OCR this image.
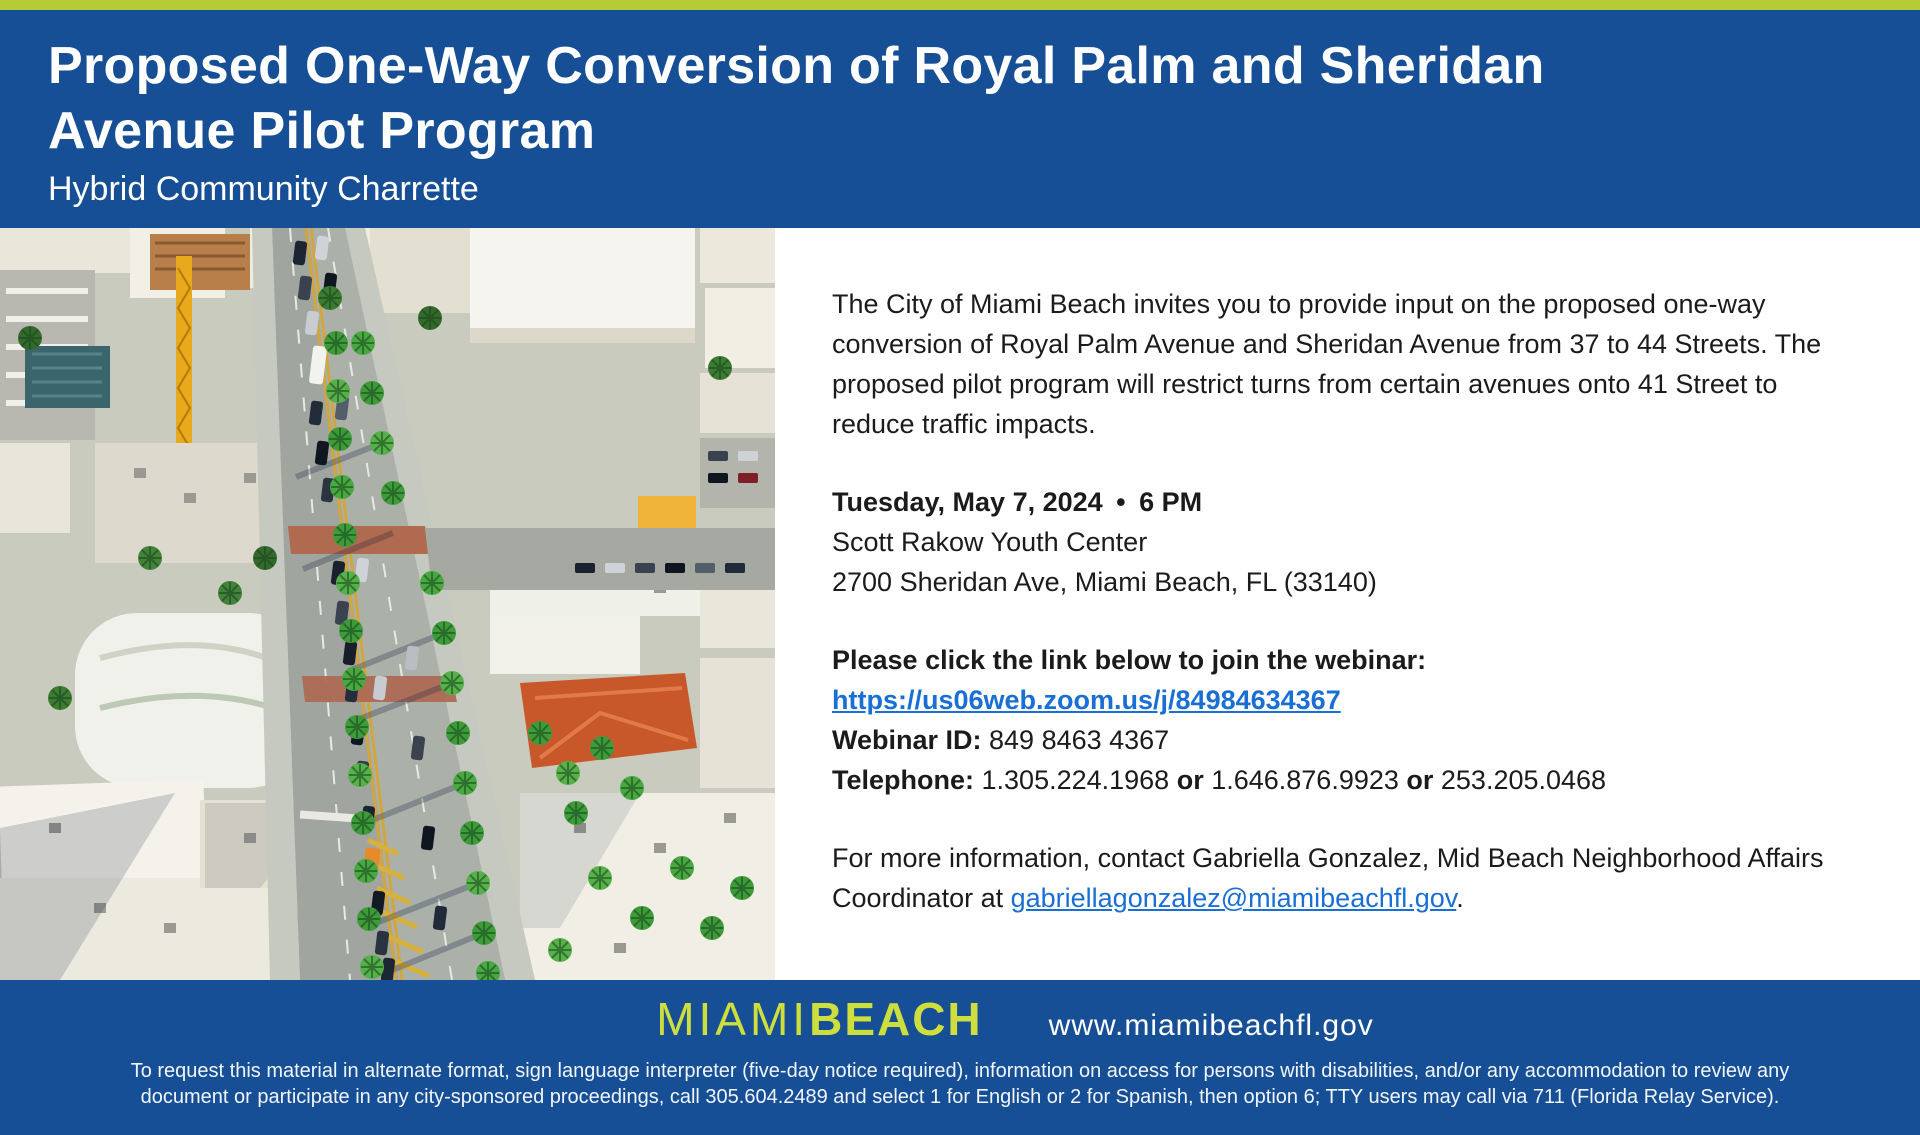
Proposed One-Way Conversion of Royal Palm and Sheridan Avenue Pilot Program
Hybrid Community Charrette

The City of Miami Beach invites you to provide input on the proposed one-way conversion of Royal Palm Avenue and Sheridan Avenue from 37 to 44 Streets. The proposed pilot program will restrict turns from certain avenues onto 41 Street to reduce traffic impacts.

Tuesday, May 7, 2024 • 6 PM
Scott Rakow Youth Center
2700 Sheridan Ave, Miami Beach, FL (33140)

Please click the link below to join the webinar:
https://us06web.zoom.us/j/84984634367
Webinar ID: 849 8463 4367
Telephone: 1.305.224.1968 or 1.646.876.9923 or 253.205.0468

For more information, contact Gabriella Gonzalez, Mid Beach Neighborhood Affairs Coordinator at gabriellagonzalez@miamibeachfl.gov.

MIAMIBEACH www.miamibeachfl.gov
To request this material in alternate format, sign language interpreter (five-day notice required), information on access for persons with disabilities, and/or any accommodation to review any
document or participate in any city-sponsored proceedings, call 305.604.2489 and select 1 for English or 2 for Spanish, then option 6; TTY users may call via 711 (Florida Relay Service).
